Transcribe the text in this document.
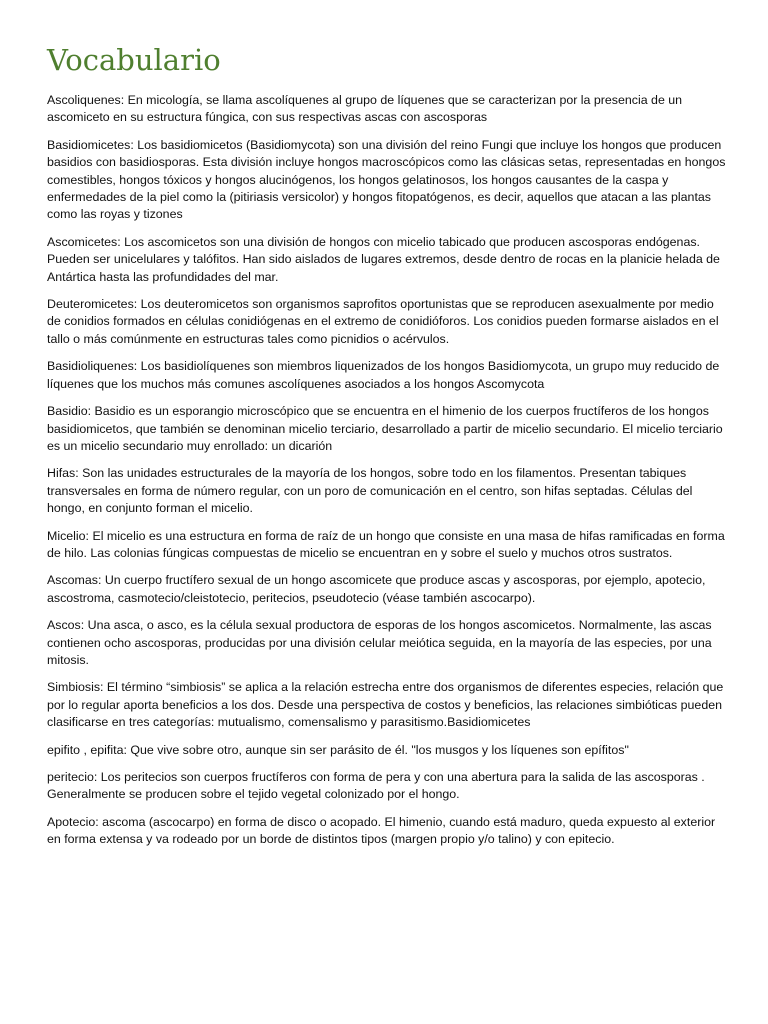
Vocabulario

Ascoliquenes: En micología, se llama ascolíquenes al grupo de líquenes que se caracterizan por la presencia de un ascomiceto en su estructura fúngica, con sus respectivas ascas con ascosporas

Basidiomicetes: Los basidiomicetos (Basidiomycota) son una división del reino Fungi que incluye los hongos que producen basidios con basidiosporas. Esta división incluye hongos macroscópicos como las clásicas setas, representadas en hongos comestibles, hongos tóxicos y hongos alucinógenos, los hongos gelatinosos, los hongos causantes de la caspa y enfermedades de la piel como la (pitiriasis versicolor) y hongos fitopatógenos, es decir, aquellos que atacan a las plantas como las royas y tizones

Ascomicetes: Los ascomicetos son una división de hongos con micelio tabicado que producen ascosporas endógenas. Pueden ser unicelulares y talófitos. Han sido aislados de lugares extremos, desde dentro de rocas en la planicie helada de Antártica hasta las profundidades del mar.

Deuteromicetes: Los deuteromicetos son organismos saprofitos oportunistas que se reproducen asexualmente por medio de conidios formados en células conidiógenas en el extremo de conidióforos. Los conidios pueden formarse aislados en el tallo o más comúnmente en estructuras tales como picnidios o acérvulos.

Basidioliquenes: Los basidiolíquenes son miembros liquenizados de los hongos Basidiomycota, un grupo muy reducido de líquenes que los muchos más comunes ascolíquenes asociados a los hongos Ascomycota

Basidio: Basidio es un esporangio microscópico que se encuentra en el himenio de los cuerpos fructíferos de los hongos basidiomicetos, que también se denominan micelio terciario, desarrollado a partir de micelio secundario. El micelio terciario es un micelio secundario muy enrollado: un dicarión

Hifas: Son las unidades estructurales de la mayoría de los hongos, sobre todo en los filamentos. Presentan tabiques transversales en forma de número regular, con un poro de comunicación en el centro, son hifas septadas. Células del hongo, en conjunto forman el micelio.

Micelio: El micelio es una estructura en forma de raíz de un hongo que consiste en una masa de hifas ramificadas en forma de hilo. Las colonias fúngicas compuestas de micelio se encuentran en y sobre el suelo y muchos otros sustratos.

Ascomas: Un cuerpo fructífero sexual de un hongo ascomicete que produce ascas y ascosporas, por ejemplo, apotecio, ascostroma, casmotecio/cleistotecio, peritecios, pseudotecio (véase también ascocarpo).

Ascos: Una asca, o asco, es la célula sexual productora de esporas de los hongos ascomicetos. Normalmente, las ascas contienen ocho ascosporas, producidas por una división celular meiótica seguida, en la mayoría de las especies, por una mitosis.

Simbiosis: El término “simbiosis” se aplica a la relación estrecha entre dos organismos de diferentes especies, relación que por lo regular aporta beneficios a los dos. Desde una perspectiva de costos y beneficios, las relaciones simbióticas pueden clasificarse en tres categorías: mutualismo, comensalismo y parasitismo.Basidiomicetes

epifito , epifita: Que vive sobre otro, aunque sin ser parásito de él. "los musgos y los líquenes son epífitos"

peritecio: Los peritecios son cuerpos fructíferos con forma de pera y con una abertura para la salida de las ascosporas . Generalmente se producen sobre el tejido vegetal colonizado por el hongo.

Apotecio: ascoma (ascocarpo) en forma de disco o acopado. El himenio, cuando está maduro, queda expuesto al exterior en forma extensa y va rodeado por un borde de distintos tipos (margen propio y/o talino) y con epitecio.
